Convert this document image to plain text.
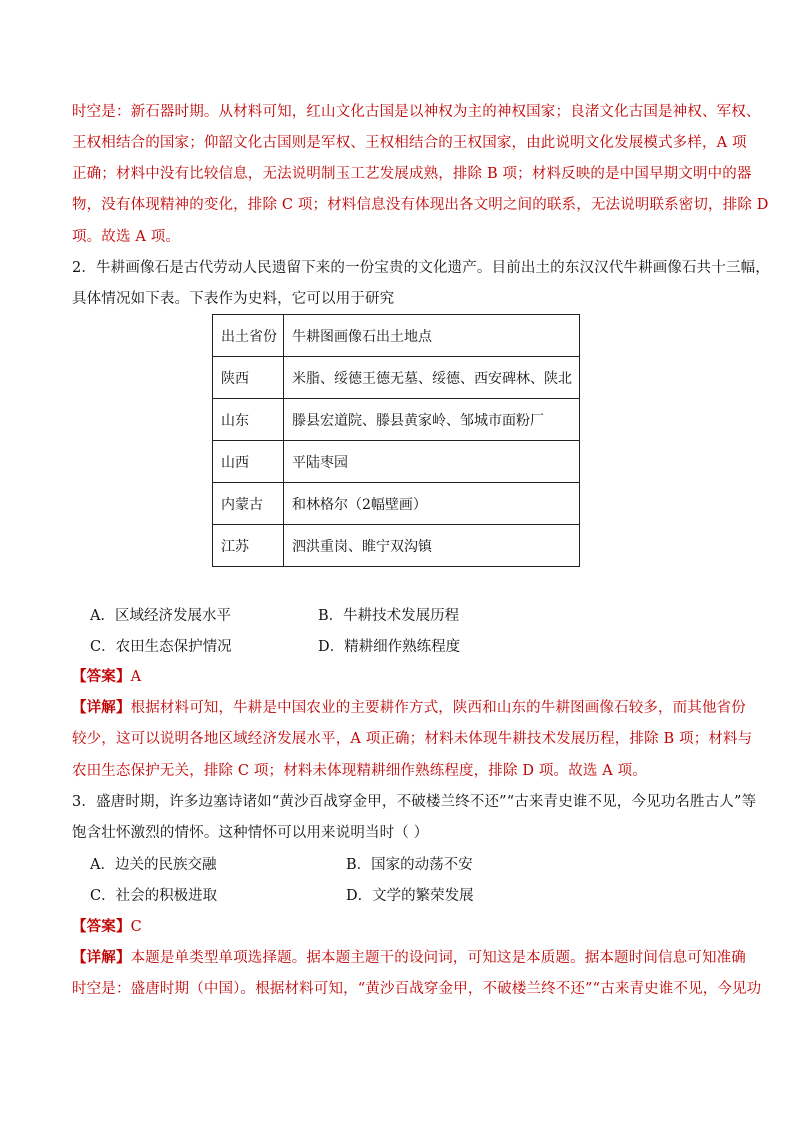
时空是：新石器时期。从材料可知，红山文化古国是以神权为主的神权国家；良渚文化古国是神权、军权、
王权相结合的国家；仰韶文化古国则是军权、王权相结合的王权国家，由此说明文化发展模式多样，A 项
正确；材料中没有比较信息，无法说明制玉工艺发展成熟，排除 B 项；材料反映的是中国早期文明中的器
物，没有体现精神的变化，排除 C 项；材料信息没有体现出各文明之间的联系，无法说明联系密切，排除 D
项。故选 A 项。
2．牛耕画像石是古代劳动人民遗留下来的一份宝贵的文化遗产。目前出土的东汉汉代牛耕画像石共十三幅，
具体情况如下表。下表作为史料，它可以用于研究
出土省份	牛耕图画像石出土地点
陕西	米脂、绥德王德无墓、绥德、西安碑林、陕北
山东	滕县宏道院、滕县黄家岭、邹城市面粉厂
山西	平陆枣园
内蒙古	和林格尔（2幅壁画）
江苏	泗洪重岗、睢宁双沟镇
A．区域经济发展水平	B．牛耕技术发展历程
C．农田生态保护情况	D．精耕细作熟练程度
【答案】A
【详解】根据材料可知，牛耕是中国农业的主要耕作方式，陕西和山东的牛耕图画像石较多，而其他省份
较少，这可以说明各地区域经济发展水平，A 项正确；材料未体现牛耕技术发展历程，排除 B 项；材料与
农田生态保护无关，排除 C 项；材料未体现精耕细作熟练程度，排除 D 项。故选 A 项。
3．盛唐时期，许多边塞诗诸如“黄沙百战穿金甲，不破楼兰终不还”“古来青史谁不见，今见功名胜古人”等
饱含壮怀激烈的情怀。这种情怀可以用来说明当时（ ）
A．边关的民族交融	B．国家的动荡不安
C．社会的积极进取	D．文学的繁荣发展
【答案】C
【详解】本题是单类型单项选择题。据本题主题干的设问词，可知这是本质题。据本题时间信息可知准确
时空是：盛唐时期（中国）。根据材料可知，“黄沙百战穿金甲，不破楼兰终不还”“古来青史谁不见，今见功
